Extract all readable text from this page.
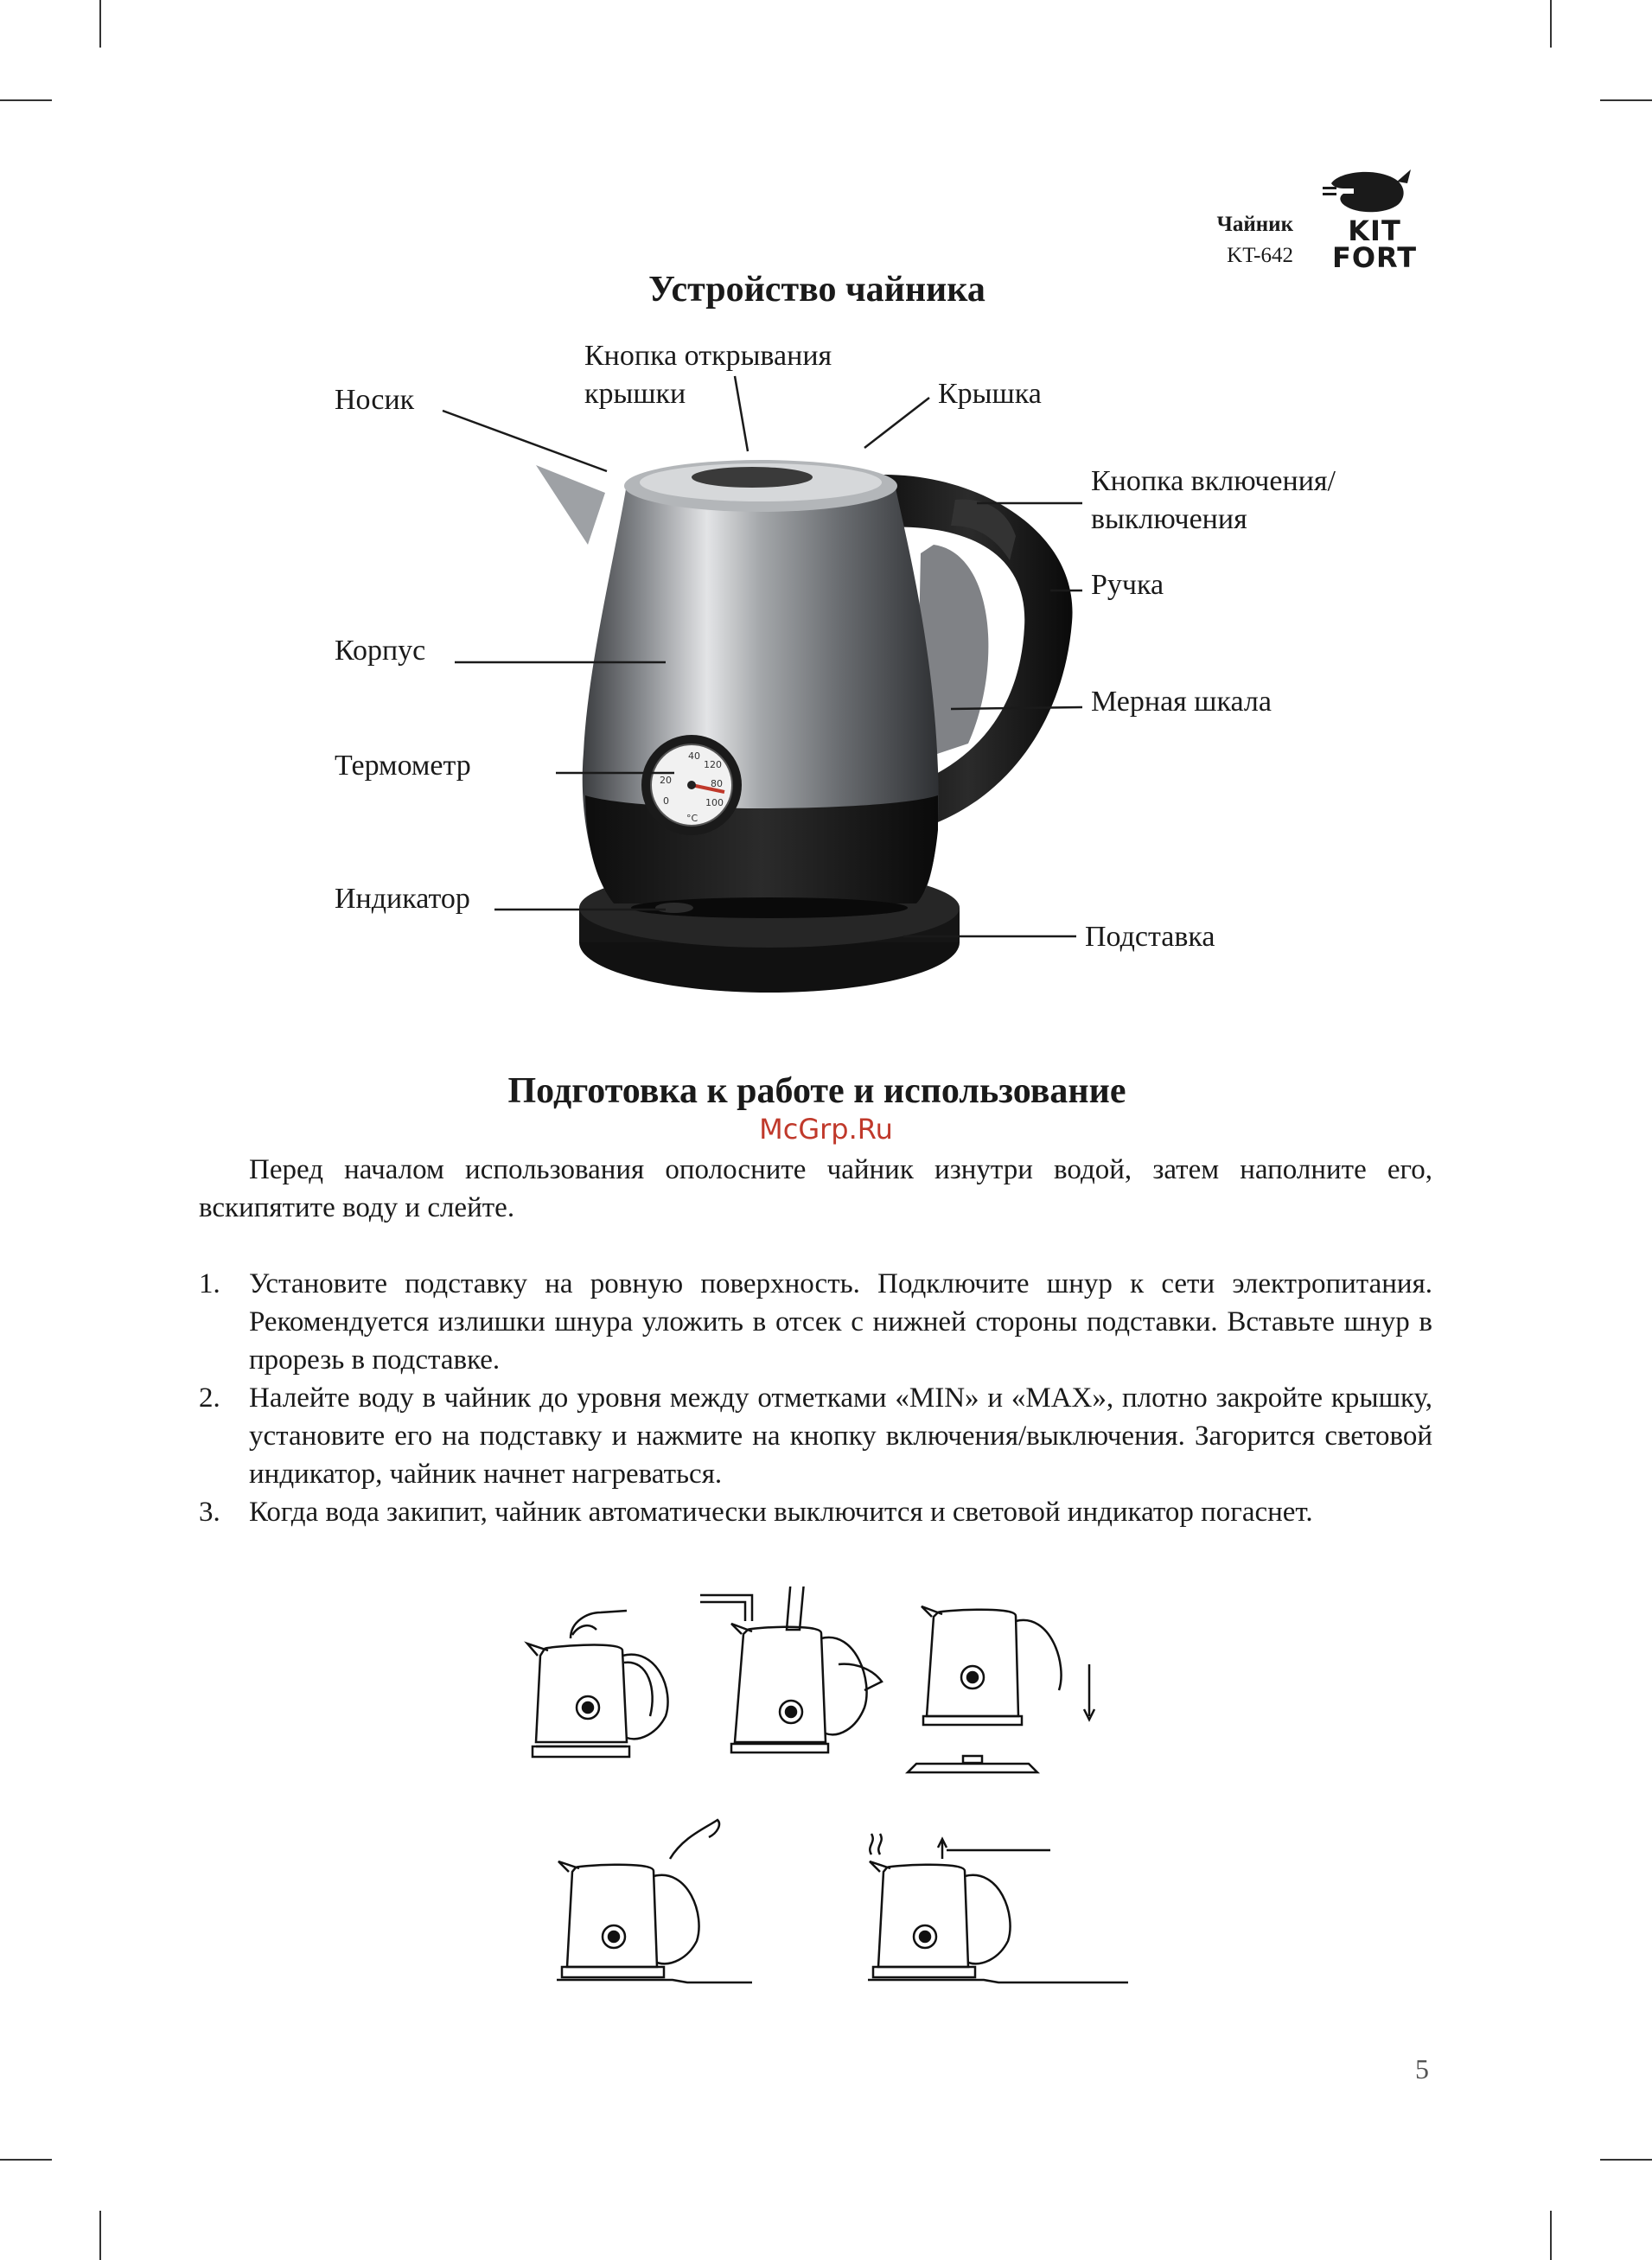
Чайник
KT-642
KIT
FORT
Устройство чайника
40
120
20	80
0	100
°C
Носик
Кнопка открывания
крышки	Крышка
Кнопка включения/
выключения
Ручка
Корпус
Мерная шкала
Термометр
Индикатор
Подставка
Подготовка к работе и использование
McGrp.Ru
Перед началом использования ополосните чайник изнутри водой, затем наполните его, вскипятите воду и слейте.
1.	Установите подставку на ровную поверхность. Подключите шнур к сети электропитания. Рекомендуется излишки шнура уложить в отсек с нижней стороны подставки. Вставьте шнур в прорезь в подставке.
2.	Налейте воду в чайник до уровня между отметками «MIN» и «MAX», плотно закройте крышку, установите его на подставку и нажмите на кнопку включения/выключения. Загорится световой индикатор, чайник начнет нагреваться.
3.	Когда вода закипит, чайник автоматически выключится и световой индикатор погаснет.
5
